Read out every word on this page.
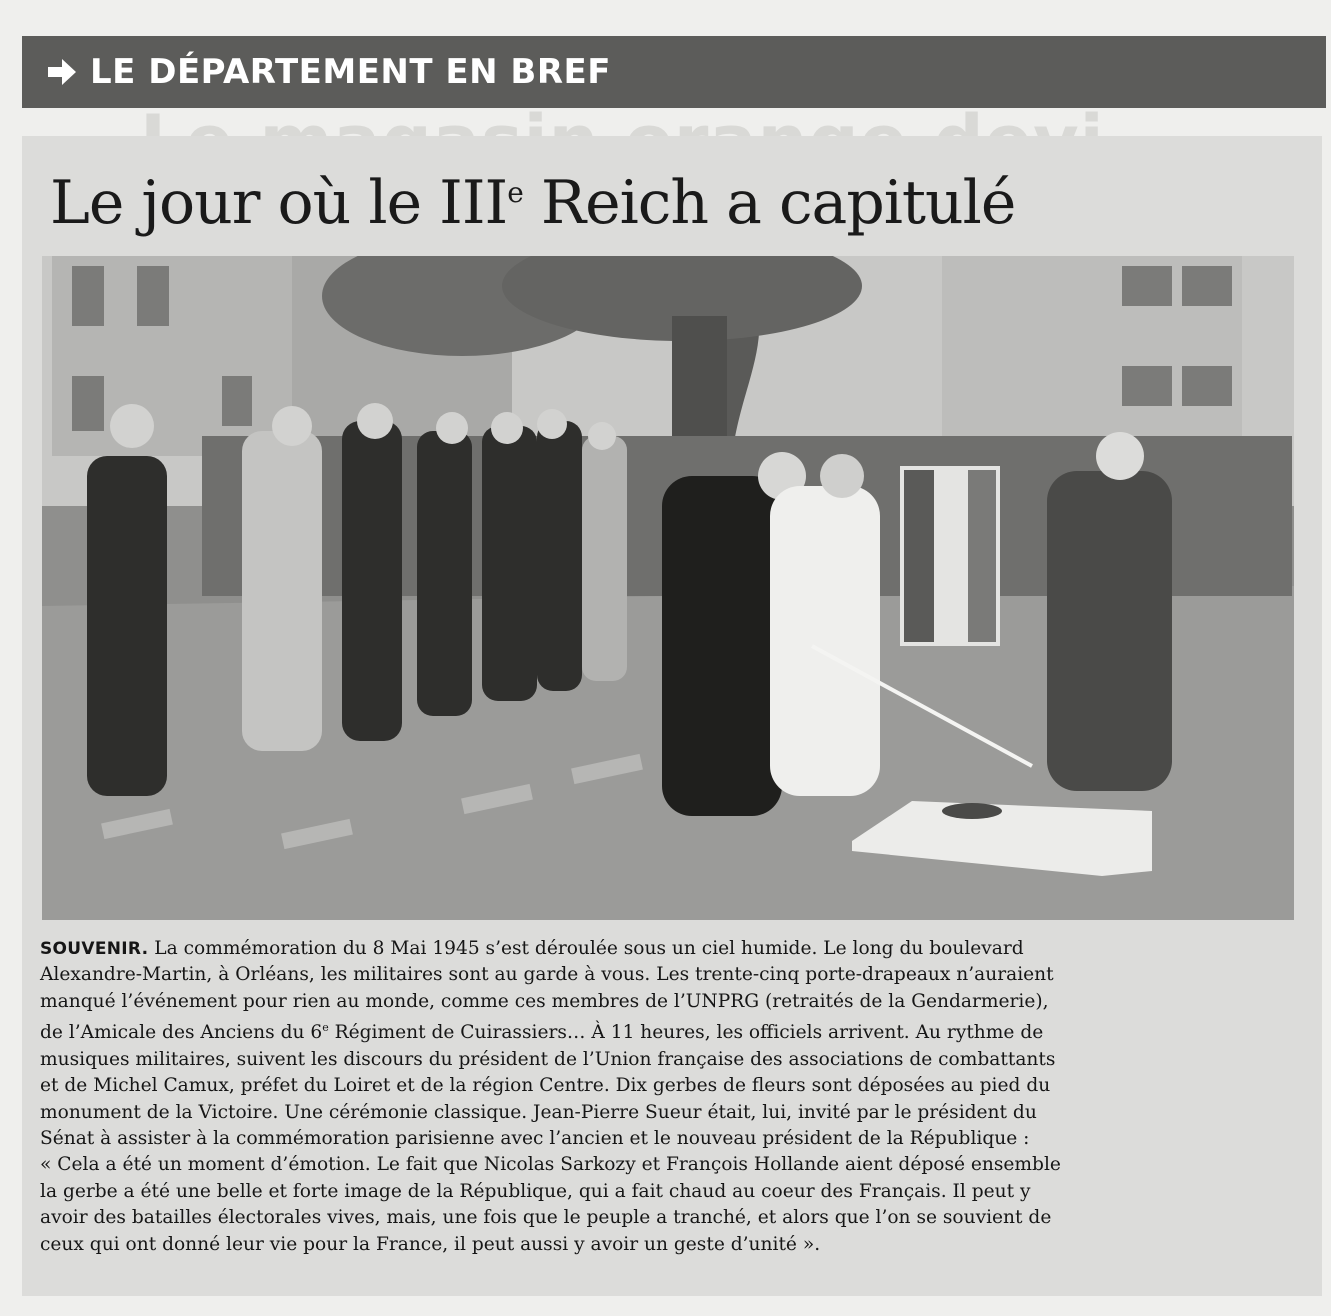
LE DÉPARTEMENT EN BREF
Le jour où le IIIe Reich a capitulé
SOUVENIR. La commémoration du 8 Mai 1945 s’est déroulée sous un ciel humide. Le long du boulevard
Alexandre-Martin, à Orléans, les militaires sont au garde à vous. Les trente-cinq porte-drapeaux n’auraient
manqué l’événement pour rien au monde, comme ces membres de l’UNPRG (retraités de la Gendarmerie),
de l’Amicale des Anciens du 6e Régiment de Cuirassiers… À 11 heures, les officiels arrivent. Au rythme de
musiques militaires, suivent les discours du président de l’Union française des associations de combattants
et de Michel Camux, préfet du Loiret et de la région Centre. Dix gerbes de fleurs sont déposées au pied du
monument de la Victoire. Une cérémonie classique. Jean-Pierre Sueur était, lui, invité par le président du
Sénat à assister à la commémoration parisienne avec l’ancien et le nouveau président de la République :
« Cela a été un moment d’émotion. Le fait que Nicolas Sarkozy et François Hollande aient déposé ensemble
la gerbe a été une belle et forte image de la République, qui a fait chaud au coeur des Français. Il peut y
avoir des batailles électorales vives, mais, une fois que le peuple a tranché, et alors que l’on se souvient de
ceux qui ont donné leur vie pour la France, il peut aussi y avoir un geste d’unité ».
